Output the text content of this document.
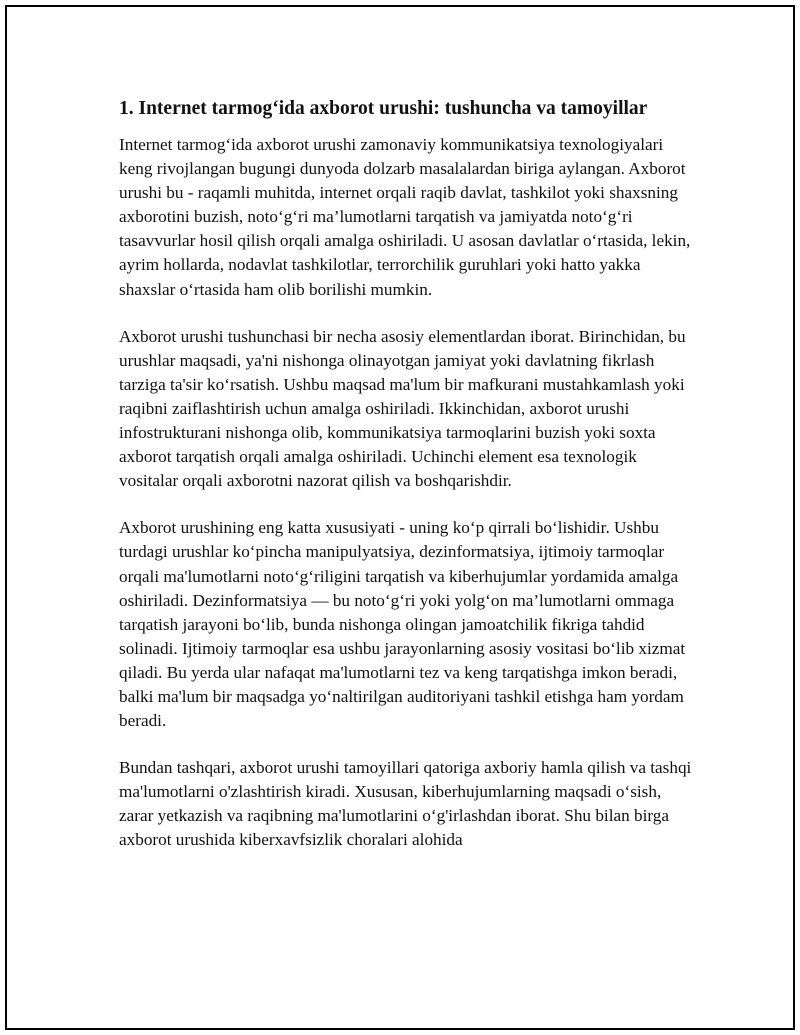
1. Internet tarmog‘ida axborot urushi: tushuncha va tamoyillar

Internet tarmog‘ida axborot urushi zamonaviy kommunikatsiya texnologiyalari keng rivojlangan bugungi dunyoda dolzarb masalalardan biriga aylangan. Axborot urushi bu - raqamli muhitda, internet orqali raqib davlat, tashkilot yoki shaxsning axborotini buzish, noto‘g‘ri ma’lumotlarni tarqatish va jamiyatda noto‘g‘ri tasavvurlar hosil qilish orqali amalga oshiriladi. U asosan davlatlar o‘rtasida, lekin, ayrim hollarda, nodavlat tashkilotlar, terrorchilik guruhlari yoki hatto yakka shaxslar o‘rtasida ham olib borilishi mumkin.

Axborot urushi tushunchasi bir necha asosiy elementlardan iborat. Birinchidan, bu urushlar maqsadi, ya'ni nishonga olinayotgan jamiyat yoki davlatning fikrlash tarziga ta'sir ko‘rsatish. Ushbu maqsad ma'lum bir mafkurani mustahkamlash yoki raqibni zaiflashtirish uchun amalga oshiriladi. Ikkinchidan, axborot urushi infostrukturani nishonga olib, kommunikatsiya tarmoqlarini buzish yoki soxta axborot tarqatish orqali amalga oshiriladi. Uchinchi element esa texnologik vositalar orqali axborotni nazorat qilish va boshqarishdir.

Axborot urushining eng katta xususiyati - uning ko‘p qirrali bo‘lishidir. Ushbu turdagi urushlar ko‘pincha manipulyatsiya, dezinformatsiya, ijtimoiy tarmoqlar orqali ma'lumotlarni noto‘g‘riligini tarqatish va kiberhujumlar yordamida amalga oshiriladi. Dezinformatsiya — bu noto‘g‘ri yoki yolg‘on ma’lumotlarni ommaga tarqatish jarayoni bo‘lib, bunda nishonga olingan jamoatchilik fikriga tahdid solinadi. Ijtimoiy tarmoqlar esa ushbu jarayonlarning asosiy vositasi bo‘lib xizmat qiladi. Bu yerda ular nafaqat ma'lumotlarni tez va keng tarqatishga imkon beradi, balki ma'lum bir maqsadga yo‘naltirilgan auditoriyani tashkil etishga ham yordam beradi.

Bundan tashqari, axborot urushi tamoyillari qatoriga axboriy hamla qilish va tashqi ma'lumotlarni o'zlashtirish kiradi. Xususan, kiberhujumlarning maqsadi o‘sish, zarar yetkazish va raqibning ma'lumotlarini o‘g'irlashdan iborat. Shu bilan birga axborot urushida kiberxavfsizlik choralari alohida
